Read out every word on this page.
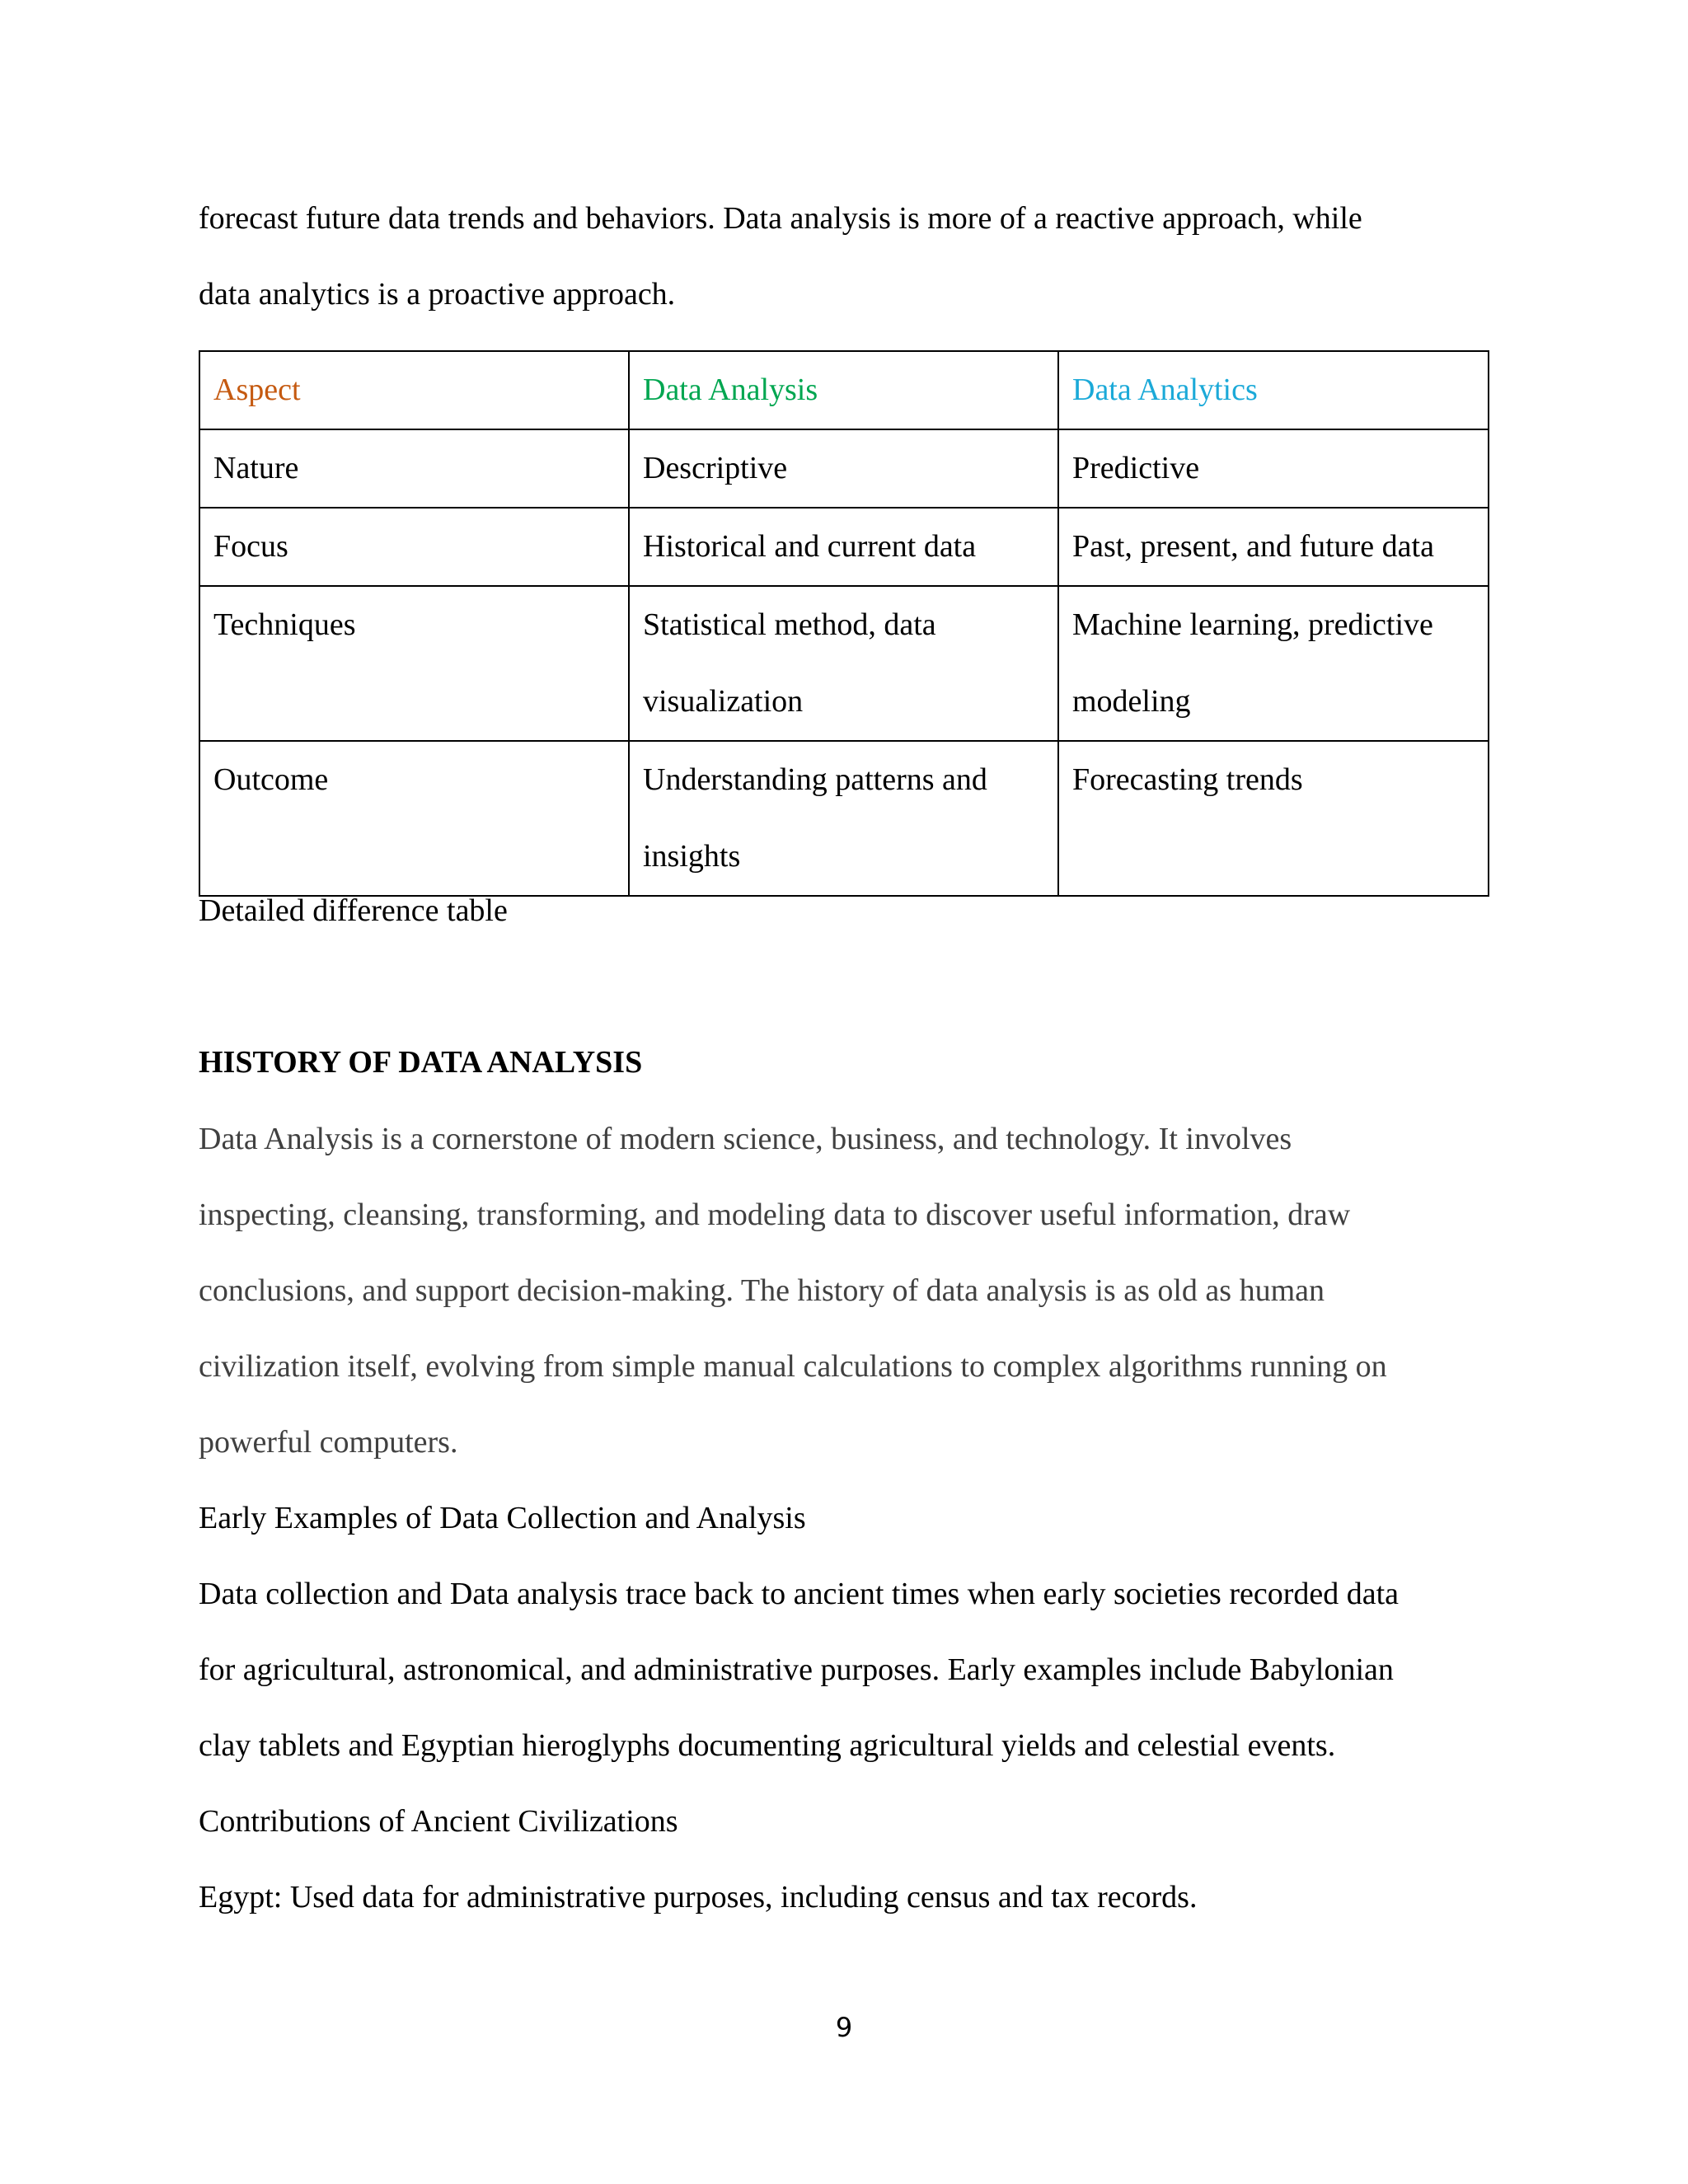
forecast future data trends and behaviors. Data analysis is more of a reactive approach, while
data analytics is a proactive approach.
Aspect	Data Analysis	Data Analytics

Nature	Descriptive	Predictive

Focus	Historical and current data	Past, present, and future data

Techniques	Statistical method, data visualization	Machine learning, predictive modeling

Outcome	Understanding patterns and insights	Forecasting trends
Detailed difference table
HISTORY OF DATA ANALYSIS
Data Analysis is a cornerstone of modern science, business, and technology. It involves
inspecting, cleansing, transforming, and modeling data to discover useful information, draw
conclusions, and support decision-making. The history of data analysis is as old as human
civilization itself, evolving from simple manual calculations to complex algorithms running on
powerful computers.
Early Examples of Data Collection and Analysis
Data collection and Data analysis trace back to ancient times when early societies recorded data
for agricultural, astronomical, and administrative purposes. Early examples include Babylonian
clay tablets and Egyptian hieroglyphs documenting agricultural yields and celestial events.
Contributions of Ancient Civilizations
Egypt: Used data for administrative purposes, including census and tax records.
9
